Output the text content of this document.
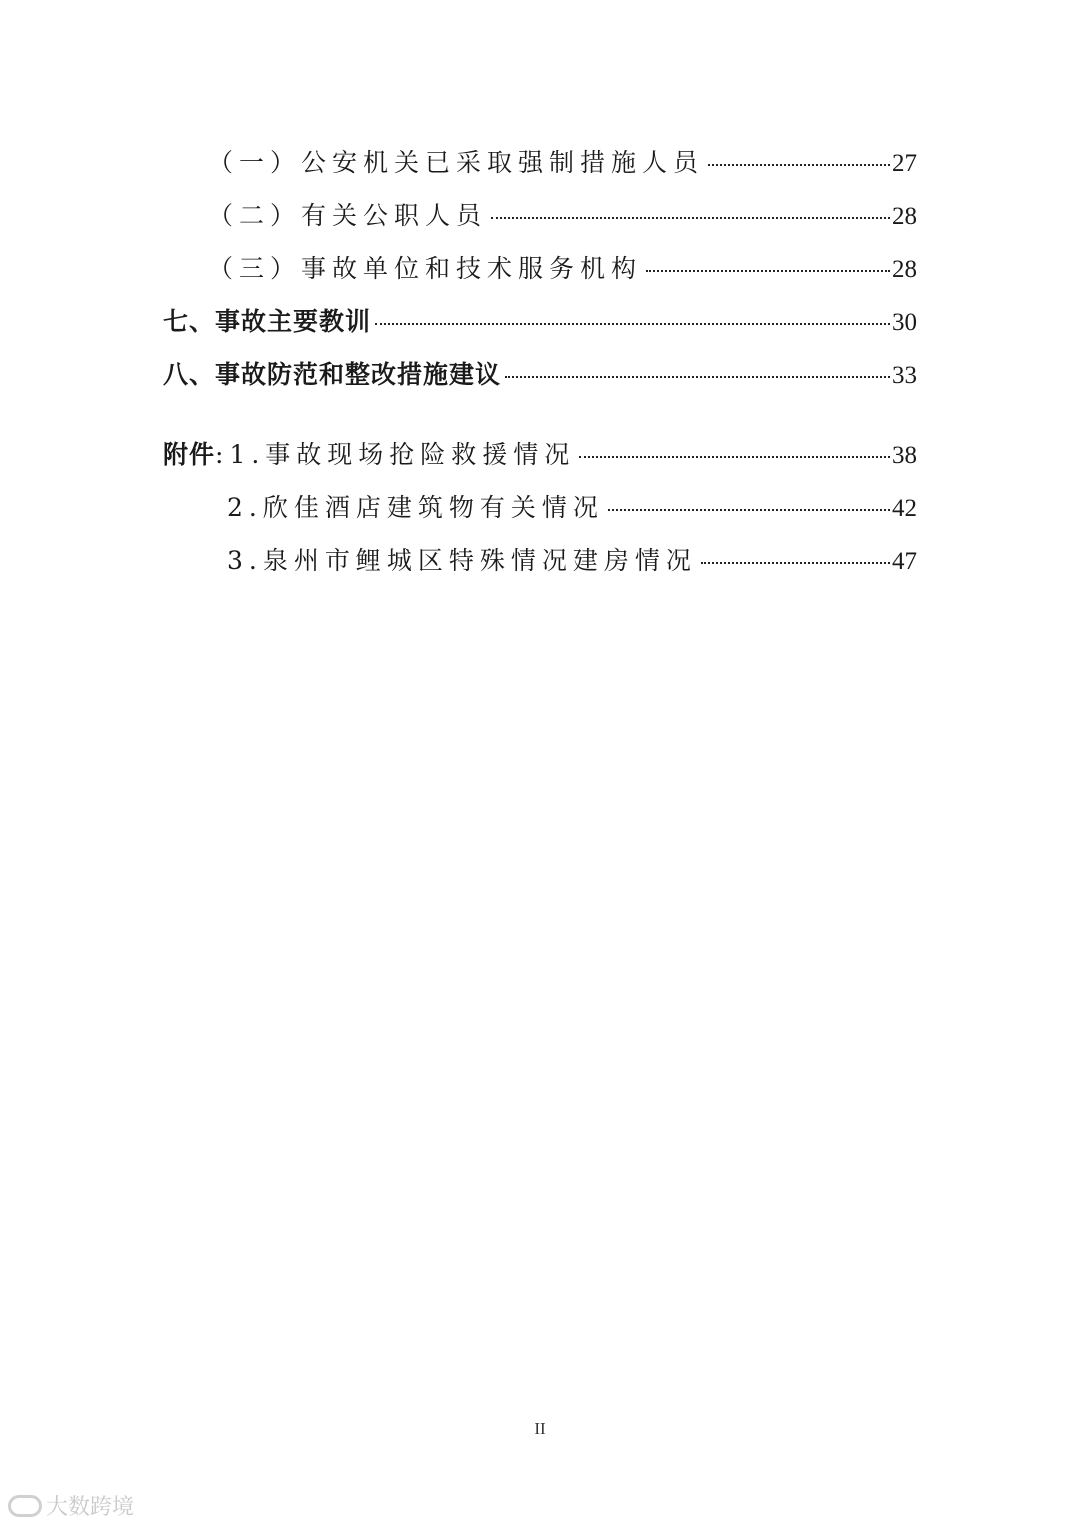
（一）公安机关已采取强制措施人员	27
（二）有关公职人员	28
（三）事故单位和技术服务机构	28
七、事故主要教训	30
八、事故防范和整改措施建议	33
附件:1.事故现场抢险救援情况	38
2.欣佳酒店建筑物有关情况	42
3.泉州市鲤城区特殊情况建房情况	47
II
大数跨境
